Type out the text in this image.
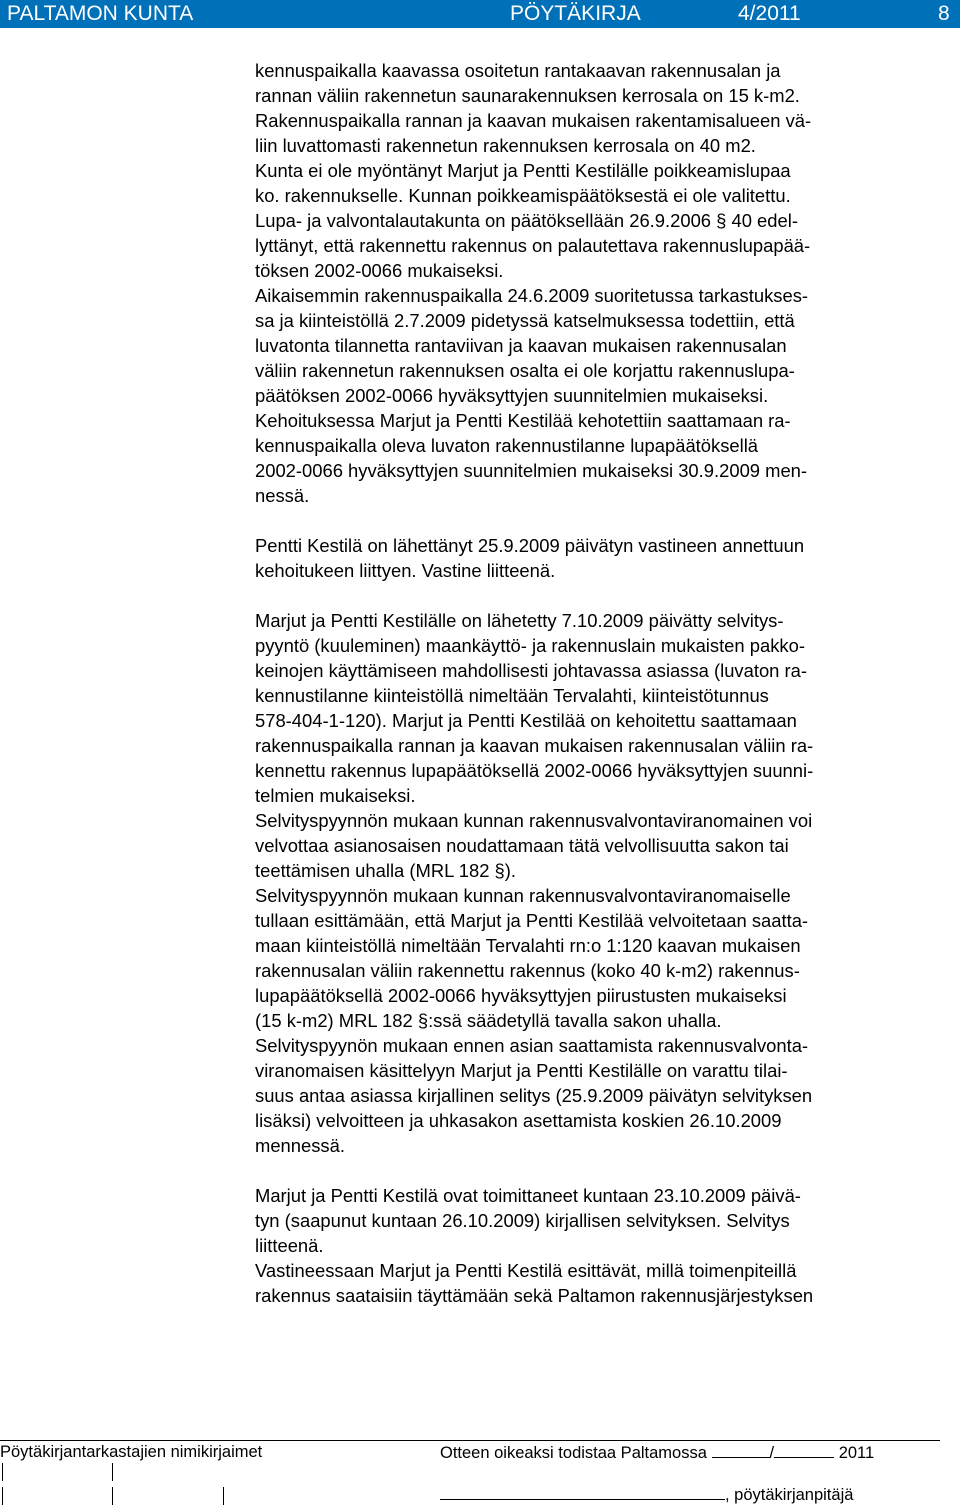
PALTAMON KUNTA	PÖYTÄKIRJA	4/2011	8

kennuspaikalla kaavassa osoitetun rantakaavan rakennusalan ja
rannan väliin rakennetun saunarakennuksen kerrosala on 15 k-m2.
Rakennuspaikalla rannan ja kaavan mukaisen rakentamisalueen vä-
liin luvattomasti rakennetun rakennuksen kerrosala on 40 m2.
Kunta ei ole myöntänyt Marjut ja Pentti Kestilälle poikkeamislupaa
ko. rakennukselle. Kunnan poikkeamispäätöksestä ei ole valitettu.
Lupa- ja valvontalautakunta on päätöksellään 26.9.2006 § 40 edel-
lyttänyt, että rakennettu rakennus on palautettava rakennuslupapää-
töksen 2002-0066 mukaiseksi.
Aikaisemmin rakennuspaikalla 24.6.2009 suoritetussa tarkastukses-
sa ja kiinteistöllä 2.7.2009 pidetyssä katselmuksessa todettiin, että
luvatonta tilannetta rantaviivan ja kaavan mukaisen rakennusalan
väliin rakennetun rakennuksen osalta ei ole korjattu rakennuslupa-
päätöksen 2002-0066 hyväksyttyjen suunnitelmien mukaiseksi.
Kehoituksessa Marjut ja Pentti Kestilää kehotettiin saattamaan ra-
kennuspaikalla oleva luvaton rakennustilanne lupapäätöksellä
2002-0066 hyväksyttyjen suunnitelmien mukaiseksi 30.9.2009 men-
nessä.

Pentti Kestilä on lähettänyt 25.9.2009 päivätyn vastineen annettuun
kehoitukeen liittyen. Vastine liitteenä.

Marjut ja Pentti Kestilälle on lähetetty 7.10.2009 päivätty selvitys-
pyyntö (kuuleminen) maankäyttö- ja rakennuslain mukaisten pakko-
keinojen käyttämiseen mahdollisesti johtavassa asiassa (luvaton ra-
kennustilanne kiinteistöllä nimeltään Tervalahti, kiinteistötunnus
578-404-1-120). Marjut ja Pentti Kestilää on kehoitettu saattamaan
rakennuspaikalla rannan ja kaavan mukaisen rakennusalan väliin ra-
kennettu rakennus lupapäätöksellä 2002-0066 hyväksyttyjen suunni-
telmien mukaiseksi.
Selvityspyynnön mukaan kunnan rakennusvalvontaviranomainen voi
velvottaa asianosaisen noudattamaan tätä velvollisuutta sakon tai
teettämisen uhalla (MRL 182 §).
Selvityspyynnön mukaan kunnan rakennusvalvontaviranomaiselle
tullaan esittämään, että Marjut ja Pentti Kestilää velvoitetaan saatta-
maan kiinteistöllä nimeltään Tervalahti rn:o 1:120 kaavan mukaisen
rakennusalan väliin rakennettu rakennus (koko 40 k-m2) rakennus-
lupapäätöksellä 2002-0066 hyväksyttyjen piirustusten mukaiseksi
(15 k-m2) MRL 182 §:ssä säädetyllä tavalla sakon uhalla.
Selvityspyynön mukaan ennen asian saattamista rakennusvalvonta-
viranomaisen käsittelyyn Marjut ja Pentti Kestilälle on varattu tilai-
suus antaa asiassa kirjallinen selitys (25.9.2009 päivätyn selvityksen
lisäksi) velvoitteen ja uhkasakon asettamista koskien 26.10.2009
mennessä.

Marjut ja Pentti Kestilä ovat toimittaneet kuntaan 23.10.2009 päivä-
tyn (saapunut kuntaan 26.10.2009) kirjallisen selvityksen. Selvitys
liitteenä.
Vastineessaan Marjut ja Pentti Kestilä esittävät, millä toimenpiteillä
rakennus saataisiin täyttämään sekä Paltamon rakennusjärjestyksen

Pöytäkirjantarkastajien nimikirjaimet	Otteen oikeaksi todistaa Paltamossa	/	2011
, pöytäkirjanpitäjä
